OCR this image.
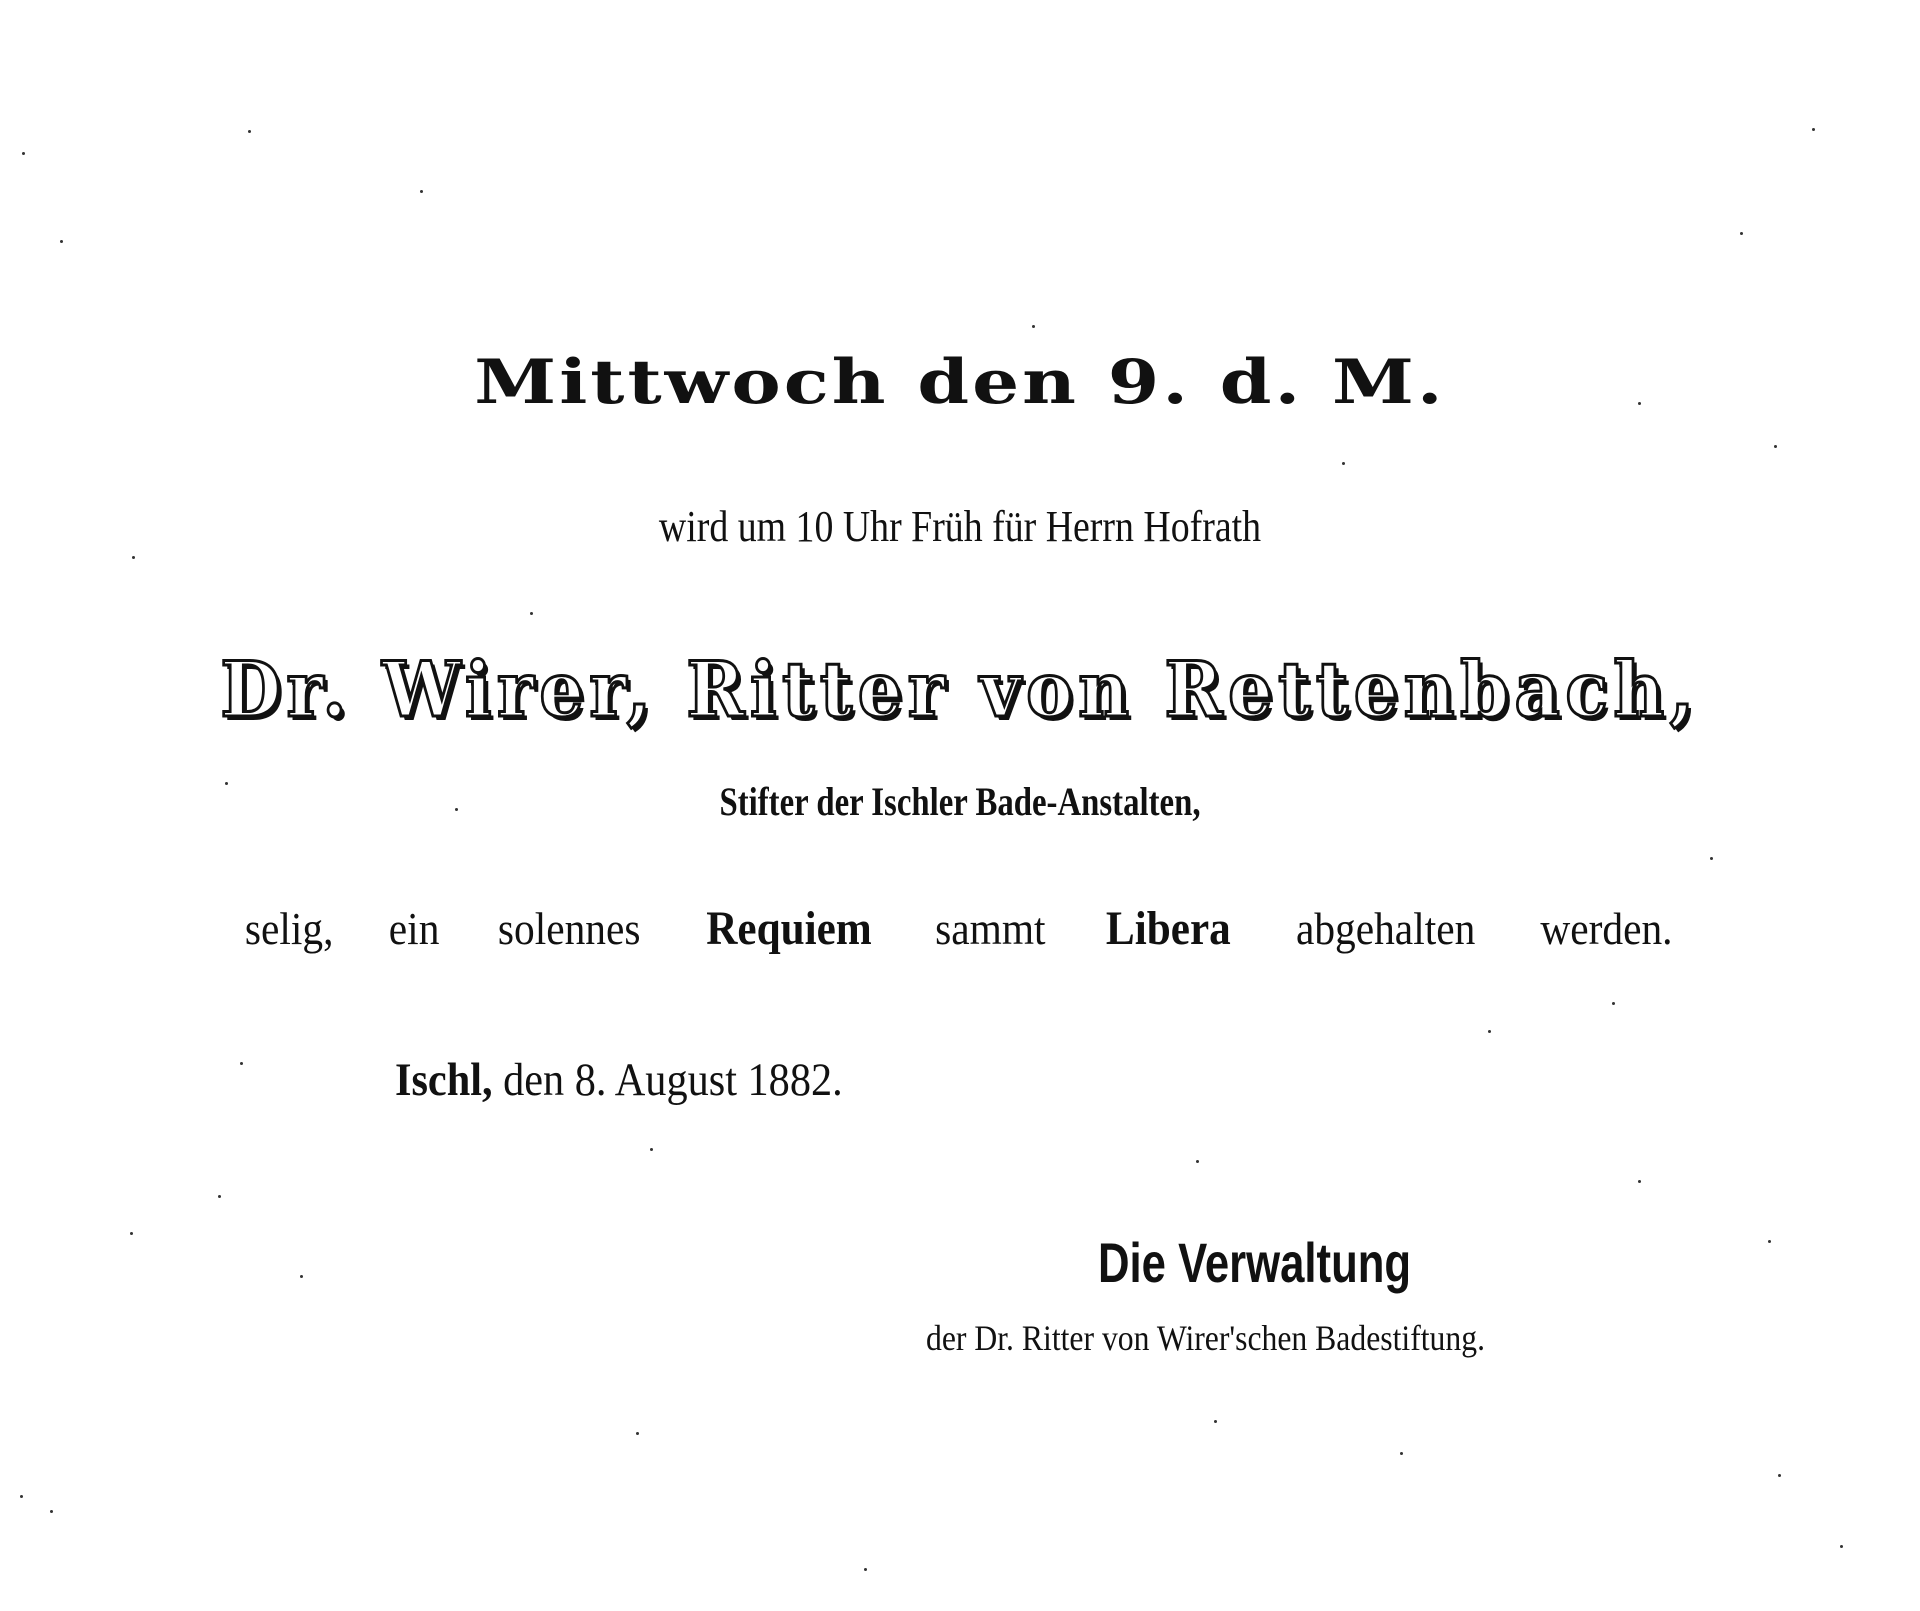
Mittwoch den 9. d. M.
wird um 10 Uhr Früh für Herrn Hofrath
Dr. Wirer, Ritter von Rettenbach,
Stifter der Ischler Bade-Anstalten,
selig, ein solennes Requiem sammt Libera abgehalten werden.
Ischl, den 8. August 1882.
Die Verwaltung
der Dr. Ritter von Wirer'schen Badestiftung.
